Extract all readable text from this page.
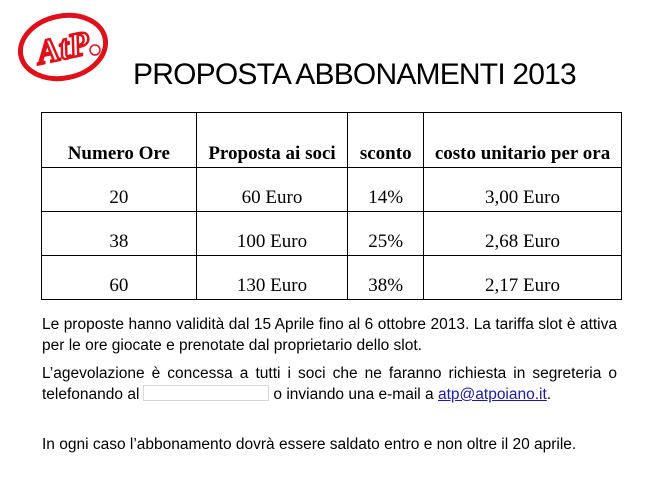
AtP
PROPOSTA ABBONAMENTI 2013
Numero Ore	Proposta ai soci	sconto	costo unitario per ora
20	60 Euro	14%	3,00 Euro
38	100 Euro	25%	2,68 Euro
60	130 Euro	38%	2,17 Euro
Le proposte hanno validità dal 15 Aprile fino al 6 ottobre 2013. La tariffa slot è attiva per le ore giocate e prenotate dal proprietario dello slot.
L’agevolazione è concessa a tutti i soci che ne faranno richiesta in segreteria o telefonando al	o inviando una e-mail a atp@atpoiano.it.
In ogni caso l’abbonamento dovrà essere saldato entro e non oltre il 20 aprile.
